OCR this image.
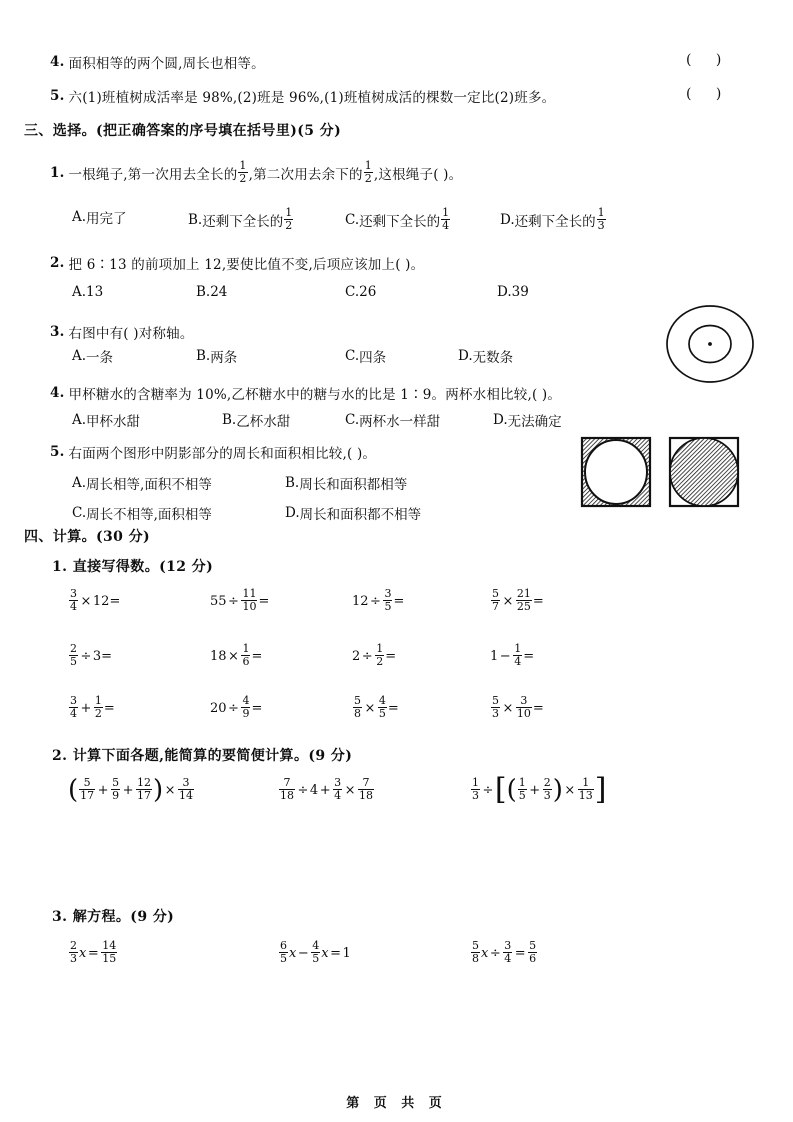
4. 面积相等的两个圆,周长也相等。	( )
5. 六(1)班植树成活率是 98%,(2)班是 96%,(1)班植树成活的棵数一定比(2)班多。	( )
三、选择。(把正确答案的序号填在括号里)(5 分)
1. 一根绳子,第一次用去全长的 $\frac{1}{2}$ ,第二次用去余下的 $\frac{1}{2}$ ,这根绳子( )。
A. 用完了	B. 还剩下全长的 $\frac{1}{2}$	C. 还剩下全长的 $\frac{1}{4}$	D. 还剩下全长的 $\frac{1}{3}$
2. 把 6∶13 的前项加上 12,要使比值不变,后项应该加上( )。
A. 13	B. 24	C. 26	D. 39
3. 右图中有( )对称轴。
A. 一条	B. 两条	C. 四条	D. 无数条
4. 甲杯糖水的含糖率为 10%,乙杯糖水中的糖与水的比是 1∶9。两杯水相比较,( )。
A. 甲杯水甜	B. 乙杯水甜	C. 两杯水一样甜	D. 无法确定
5. 右面两个图形中阴影部分的周长和面积相比较,( )。
A. 周长相等,面积不相等	B. 周长和面积都相等
C. 周长不相等,面积相等	D. 周长和面积都不相等
四、计算。(30 分)
1. 直接写得数。(12 分)
$\frac{3}{4} \times 12=$	$55 \div \frac{11}{10}$ =	$12 \div \frac{3}{5}$ =	$\frac{5}{7} \times \frac{21}{25}$ =
$\frac{2}{5} \div 3=$	$18 \times \frac{1}{6}$ =	$2 \div \frac{1}{2}$ =	$1 - \frac{1}{4}$ =
$\frac{3}{4} + \frac{1}{2}$ =	$20 \div \frac{4}{9}$ =	$\frac{5}{8} \times \frac{4}{5}$ =	$\frac{5}{3} \times \frac{3}{10}$ =
2. 计算下面各题,能简算的要简便计算。(9 分)
( $\frac{5}{17} + \frac{5}{9} + \frac{12}{17}$ ) × $\frac{3}{14}$	$\frac{7}{18} \div 4 + \frac{3}{4} \times \frac{7}{18}$	$\frac{1}{3}$ ÷ [ ( $\frac{1}{5} + \frac{2}{3}$ ) × $\frac{1}{13}$ ]
3. 解方程。(9 分)
$\frac{2}{3}$ $x = \frac{14}{15}$	$\frac{6}{5}$ $x - \frac{4}{5}$ x = 1	$\frac{5}{8}$ $x \div \frac{3}{4} = \frac{5}{6}$
第 页 共 页
